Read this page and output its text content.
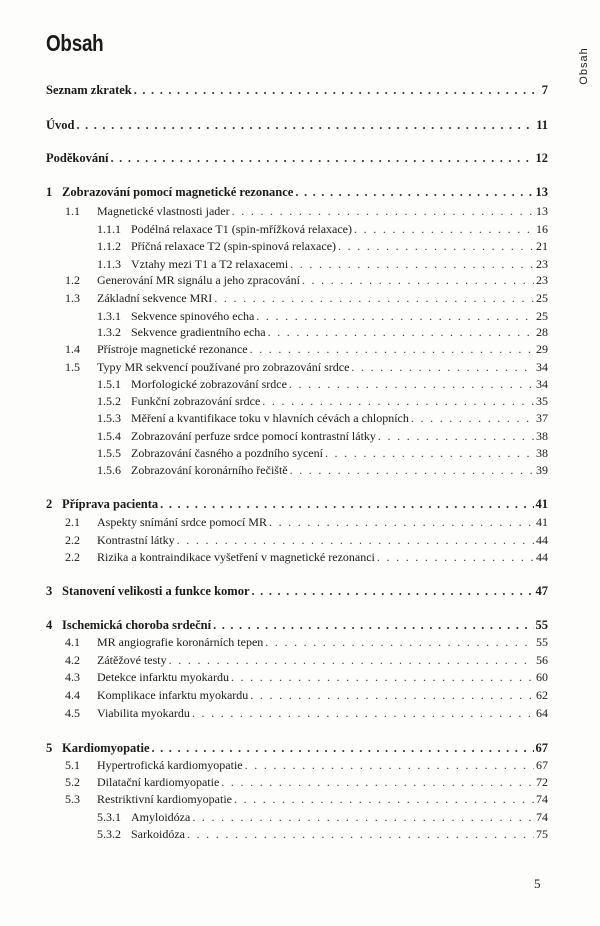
Obsah
Obsah
Seznam zkratek . . .	7
Úvod . . .	11
Poděkování . . .	12
1 Zobrazování pomocí magnetické rezonance . . .	13
1.1 Magnetické vlastnosti jader . . .	13
1.1.1 Podélná relaxace T1 (spin-mřížková relaxace) . . .	16
1.1.2 Příčná relaxace T2 (spin-spinová relaxace) . . .	21
1.1.3 Vztahy mezi T1 a T2 relaxacemi . . .	23
1.2 Generování MR signálu a jeho zpracování . . .	23
1.3 Základní sekvence MRI . . .	25
1.3.1 Sekvence spinového echa . . .	25
1.3.2 Sekvence gradientního echa . . .	28
1.4 Přístroje magnetické rezonance . . .	29
1.5 Typy MR sekvencí používané pro zobrazování srdce . . .	34
1.5.1 Morfologické zobrazování srdce . . .	34
1.5.2 Funkční zobrazování srdce . . .	35
1.5.3 Měření a kvantifikace toku v hlavních cévách a chlopních . . .	37
1.5.4 Zobrazování perfuze srdce pomocí kontrastní látky . . .	38
1.5.5 Zobrazování časného a pozdního sycení . . .	38
1.5.6 Zobrazování koronárního řečiště . . .	39
2 Příprava pacienta . . .	41
2.1 Aspekty snímání srdce pomocí MR . . .	41
2.2 Kontrastní látky . . .	44
2.2 Rizika a kontraindikace vyšetření v magnetické rezonanci . . .	44
3 Stanovení velikosti a funkce komor . . .	47
4 Ischemická choroba srdeční . . .	55
4.1 MR angiografie koronárních tepen . . .	55
4.2 Zátěžové testy . . .	56
4.3 Detekce infarktu myokardu . . .	60
4.4 Komplikace infarktu myokardu . . .	62
4.5 Viabilita myokardu . . .	64
5 Kardiomyopatie . . .	67
5.1 Hypertrofická kardiomyopatie . . .	67
5.2 Dilatační kardiomyopatie . . .	72
5.3 Restriktivní kardiomyopatie . . .	74
5.3.1 Amyloidóza . . .	74
5.3.2 Sarkoidóza . . .	75
5
